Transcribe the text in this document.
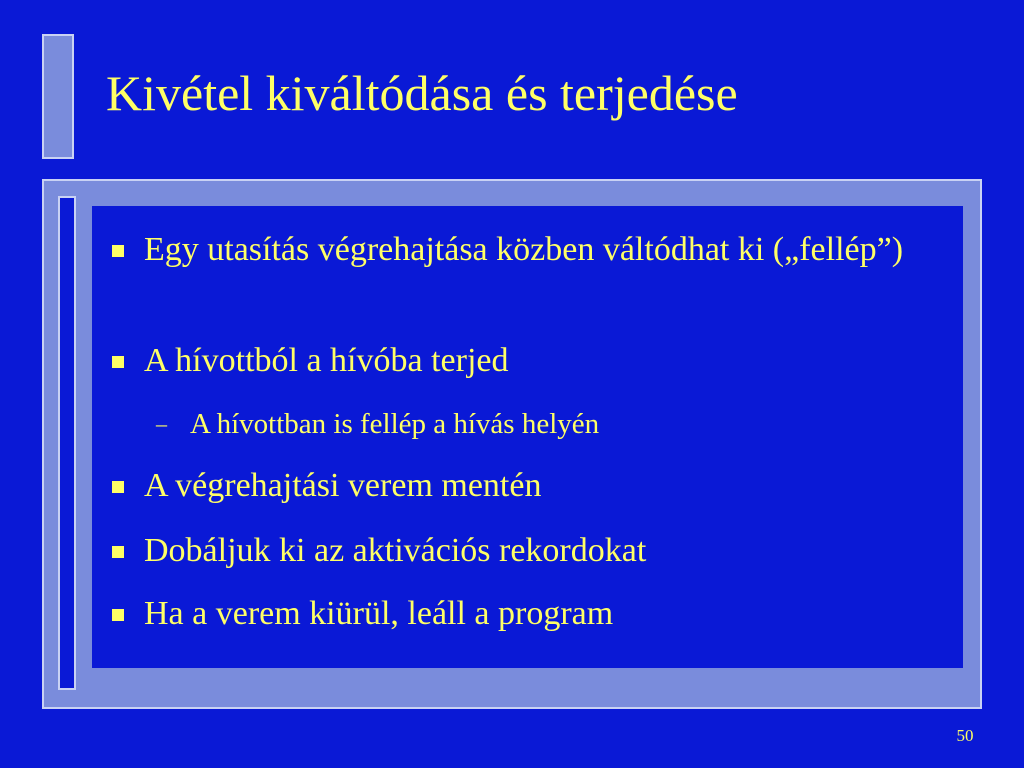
Kivétel kiváltódása és terjedése
Egy utasítás végrehajtása közben váltódhat ki („fellép”)
A hívottból a hívóba terjed
– A hívottban is fellép a hívás helyén
A végrehajtási verem mentén
Dobáljuk ki az aktivációs rekordokat
Ha a verem kiürül, leáll a program
50
